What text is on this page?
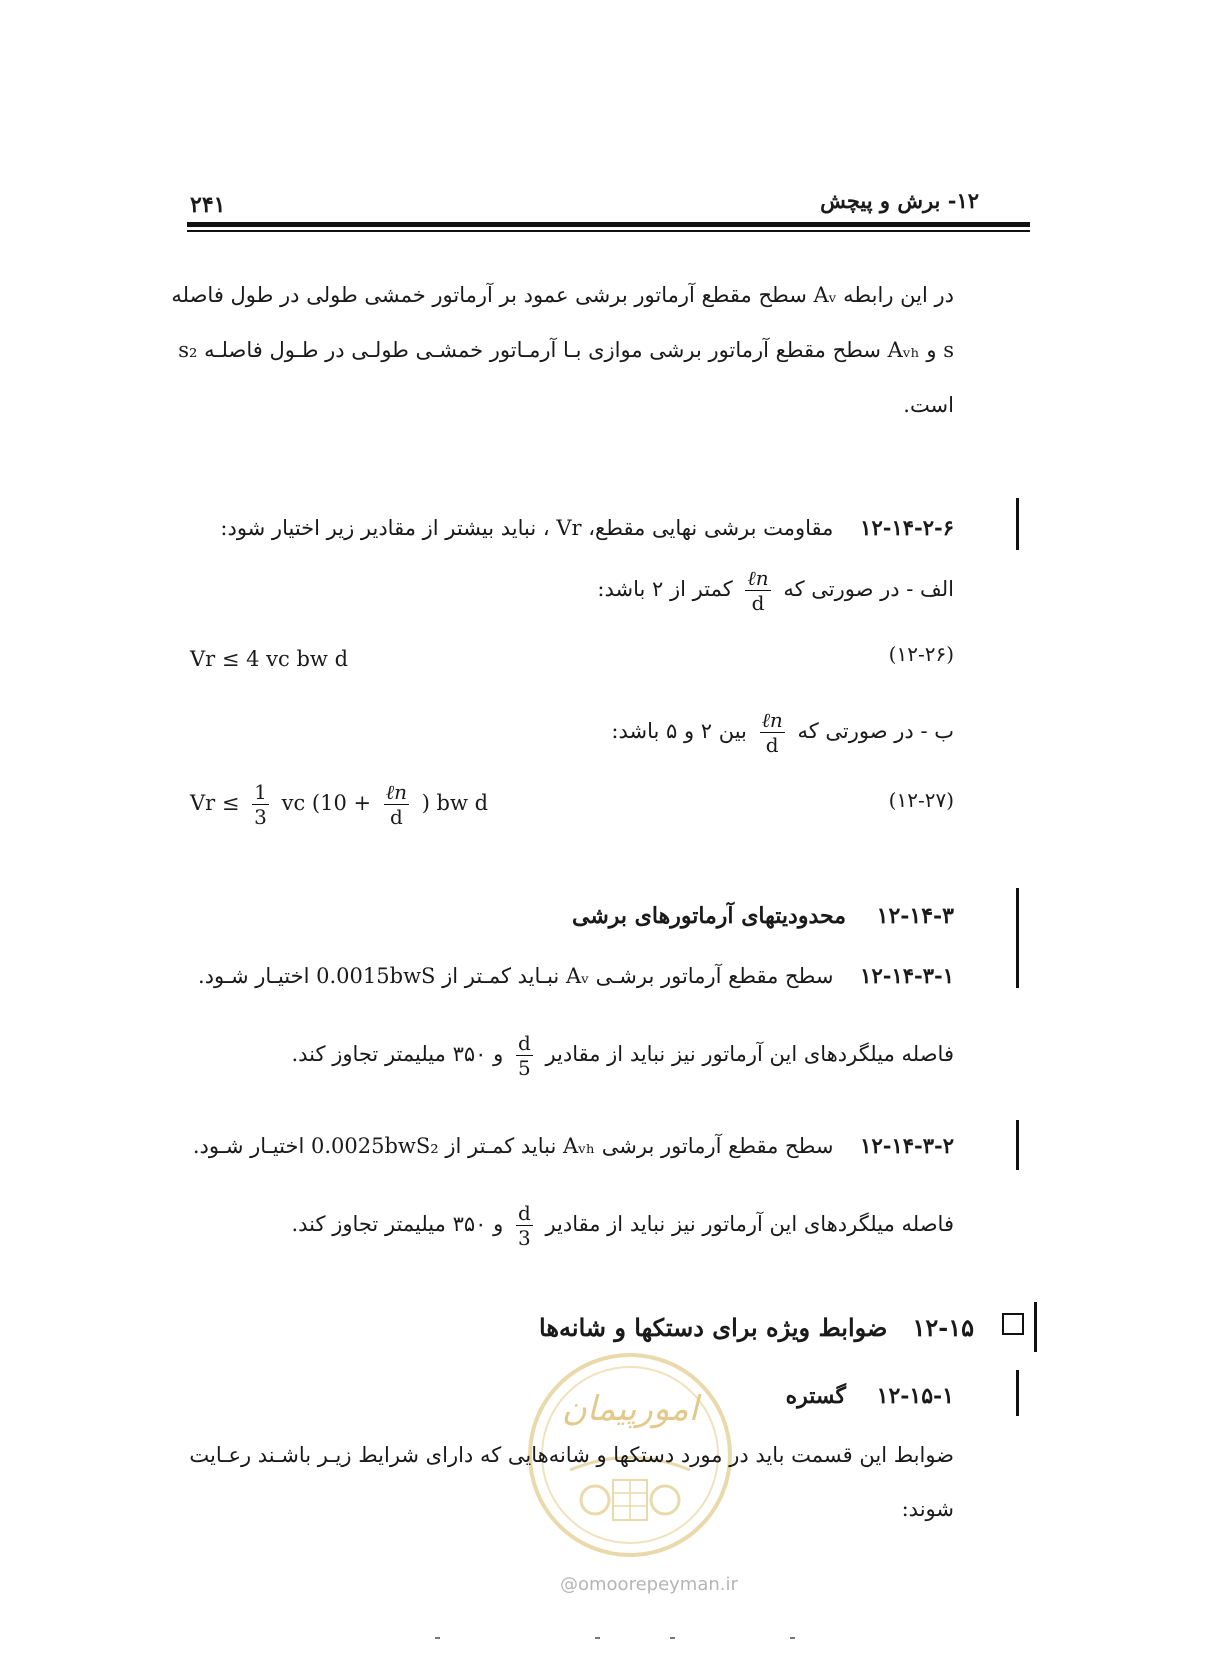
۲۴۱	۱۲- برش و پیچش
در این رابطه Aᵥ سطح مقطع آرماتور برشی عمود بر آرماتور خمشی طولی در طول فاصله
s و Aᵥₕ سطح مقطع آرماتور برشی موازی بـا آرمـاتور خمشـی طولـی در طـول فاصلـه s₂
است.
۱۲-۱۴-۲-۶    مقاومت برشی نهایی مقطع، Vr ، نباید بیشتر از مقادیر زیر اختیار شود:
الف - در صورتی که
$\frac{\text{ℓn}}{d}$
کمتر از ۲ باشد:
Vr ≤ 4 vc bw d	(۱۲-۲۶)
ب - در صورتی که
$\frac{\text{ℓn}}{d}$
بین ۲ و ۵ باشد:
$Vr \le \frac{1}{3}$ vc ($10 + \frac{\text{ℓn}}{d}$ ) bw d	(۱۲-۲۷)
۱۲-۱۴-۳    محدودیتهای آرماتورهای برشی
۱۲-۱۴-۳-۱    سطح مقطع آرماتور برشـی Aᵥ نبـاید کمـتر از 0.0015bwS اختیـار شـود.
فاصله میلگردهای این آرماتور نیز نباید از مقادیر
$\frac{d}{5}$
و ۳۵۰ میلیمتر تجاوز کند.
۱۲-۱۴-۳-۲    سطح مقطع آرماتور برشی Aᵥₕ نباید کمـتر از 0.0025bwS₂ اختیـار شـود.
فاصله میلگردهای این آرماتور نیز نباید از مقادیر
$\frac{d}{3}$
و ۳۵۰ میلیمتر تجاوز کند.
۱۲-۱۵   ضوابط ویژه برای دستکها و شانه‌ها
امورپیمان	۱۲-۱۵-۱    گستره
ضوابط این قسمت باید در مورد دستکها و شانه‌هایی که دارای شرایط زیـر باشـند رعـایت
شوند:
@omoorepeyman.ir
